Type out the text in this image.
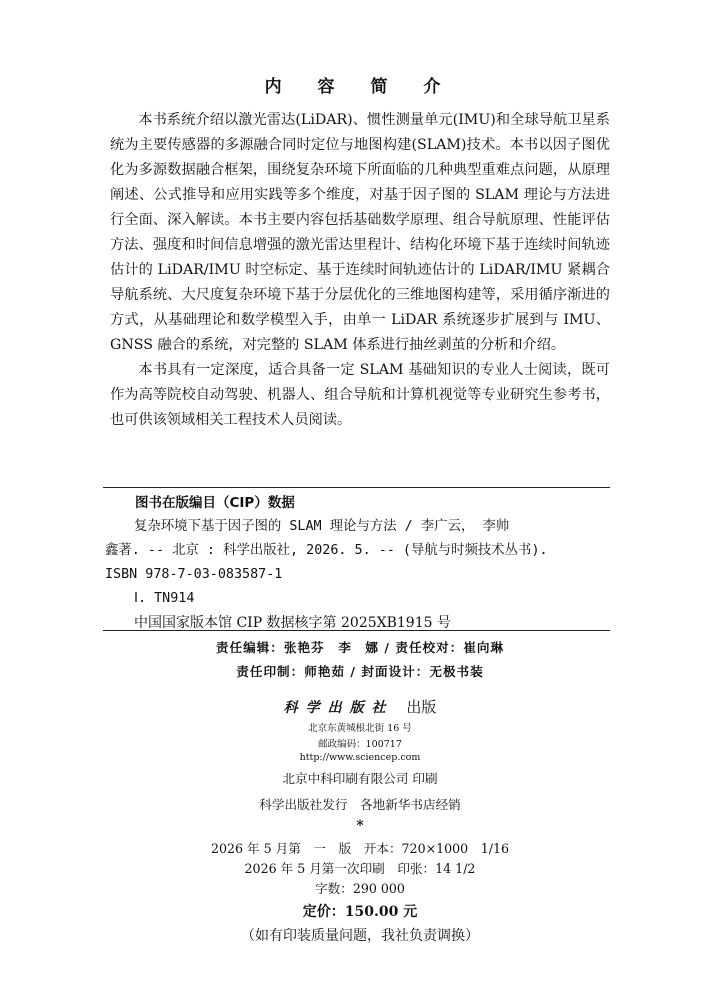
内 容 简 介

本书系统介绍以激光雷达(LiDAR)、惯性测量单元(IMU)和全球导航卫星系统为主要传感器的多源融合同时定位与地图构建(SLAM)技术。本书以因子图优化为多源数据融合框架，围绕复杂环境下所面临的几种典型重难点问题，从原理阐述、公式推导和应用实践等多个维度，对基于因子图的 SLAM 理论与方法进行全面、深入解读。本书主要内容包括基础数学原理、组合导航原理、性能评估方法、强度和时间信息增强的激光雷达里程计、结构化环境下基于连续时间轨迹估计的 LiDAR/IMU 时空标定、基于连续时间轨迹估计的 LiDAR/IMU 紧耦合导航系统、大尺度复杂环境下基于分层优化的三维地图构建等，采用循序渐进的方式，从基础理论和数学模型入手，由单一 LiDAR 系统逐步扩展到与 IMU、GNSS 融合的系统，对完整的 SLAM 体系进行抽丝剥茧的分析和介绍。

本书具有一定深度，适合具备一定 SLAM 基础知识的专业人士阅读，既可作为高等院校自动驾驶、机器人、组合导航和计算机视觉等专业研究生参考书，也可供该领域相关工程技术人员阅读。

图书在版编目（CIP）数据
复杂环境下基于因子图的 SLAM 理论与方法 / 李广云， 李帅
鑫著. -- 北京 : 科学出版社, 2026. 5. -- (导航与时频技术丛书).
ISBN 978-7-03-083587-1
Ⅰ. TN914
中国国家版本馆 CIP 数据核字第 2025XB1915 号
责任编辑：张艳芬　李　娜 / 责任校对：崔向琳
责任印制：师艳茹 / 封面设计：无极书装
科学出版社 出版
北京东黄城根北街 16 号
邮政编码：100717
http://www.sciencep.com
北京中科印刷有限公司 印刷
科学出版社发行　各地新华书店经销
*
2026 年 5 月第　一　版　开本：720×1000　1/16
2026 年 5 月第一次印刷　印张：14 1/2
字数：290 000
定价：150.00 元
（如有印装质量问题，我社负责调换）
